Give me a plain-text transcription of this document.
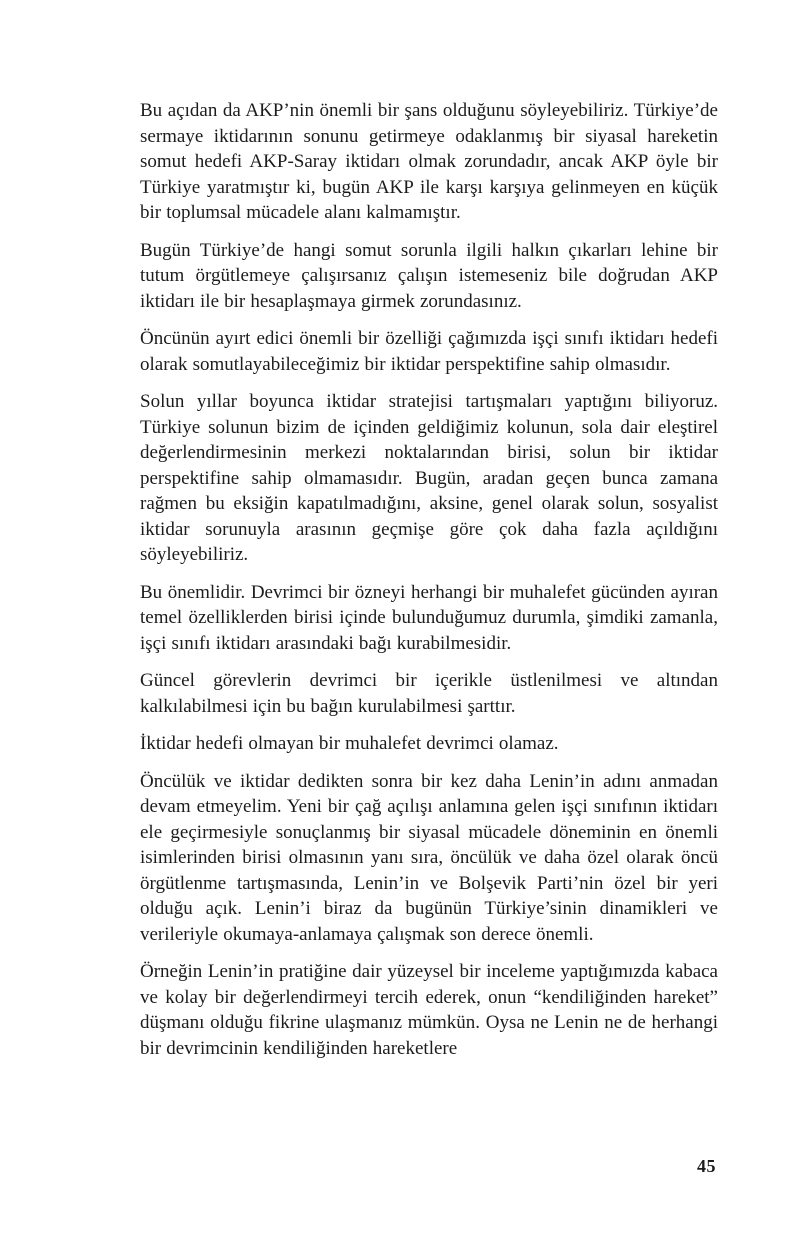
Bu açıdan da AKP’nin önemli bir şans olduğunu söyleyebiliriz. Türkiye’de sermaye iktidarının sonunu getirmeye odaklanmış bir siyasal hareketin somut hedefi AKP-Saray iktidarı olmak zorundadır, ancak AKP öyle bir Türkiye yaratmıştır ki, bugün AKP ile karşı karşıya gelinmeyen en küçük bir toplumsal mücadele alanı kalmamıştır.

Bugün Türkiye’de hangi somut sorunla ilgili halkın çıkarları lehine bir tutum örgütlemeye çalışırsanız çalışın istemeseniz bile doğrudan AKP iktidarı ile bir hesaplaşmaya girmek zorundasınız.

Öncünün ayırt edici önemli bir özelliği çağımızda işçi sınıfı iktidarı hedefi olarak somutlayabileceğimiz bir iktidar perspektifine sahip olmasıdır.

Solun yıllar boyunca iktidar stratejisi tartışmaları yaptığını biliyoruz. Türkiye solunun bizim de içinden geldiğimiz kolunun, sola dair eleştirel değerlendirmesinin merkezi noktalarından birisi, solun bir iktidar perspektifine sahip olmamasıdır. Bugün, aradan geçen bunca zamana rağmen bu eksiğin kapatılmadığını, aksine, genel olarak solun, sosyalist iktidar sorunuyla arasının geçmişe göre çok daha fazla açıldığını söyleyebiliriz.

Bu önemlidir. Devrimci bir özneyi herhangi bir muhalefet gücünden ayıran temel özelliklerden birisi içinde bulunduğumuz durumla, şimdiki zamanla, işçi sınıfı iktidarı arasındaki bağı kurabilmesidir.

Güncel görevlerin devrimci bir içerikle üstlenilmesi ve altından kalkılabilmesi için bu bağın kurulabilmesi şarttır.

İktidar hedefi olmayan bir muhalefet devrimci olamaz.

Öncülük ve iktidar dedikten sonra bir kez daha Lenin’in adını anmadan devam etmeyelim. Yeni bir çağ açılışı anlamına gelen işçi sınıfının iktidarı ele geçirmesiyle sonuçlanmış bir siyasal mücadele döneminin en önemli isimlerinden birisi olmasının yanı sıra, öncülük ve daha özel olarak öncü örgütlenme tartışmasında, Lenin’in ve Bolşevik Parti’nin özel bir yeri olduğu açık. Lenin’i biraz da bugünün Türkiye’sinin dinamikleri ve verileriyle okumaya-anlamaya çalışmak son derece önemli.

Örneğin Lenin’in pratiğine dair yüzeysel bir inceleme yaptığımızda kabaca ve kolay bir değerlendirmeyi tercih ederek, onun “kendiliğinden hareket” düşmanı olduğu fikrine ulaşmanız mümkün. Oysa ne Lenin ne de herhangi bir devrimcinin kendiliğinden hareketlere

45
